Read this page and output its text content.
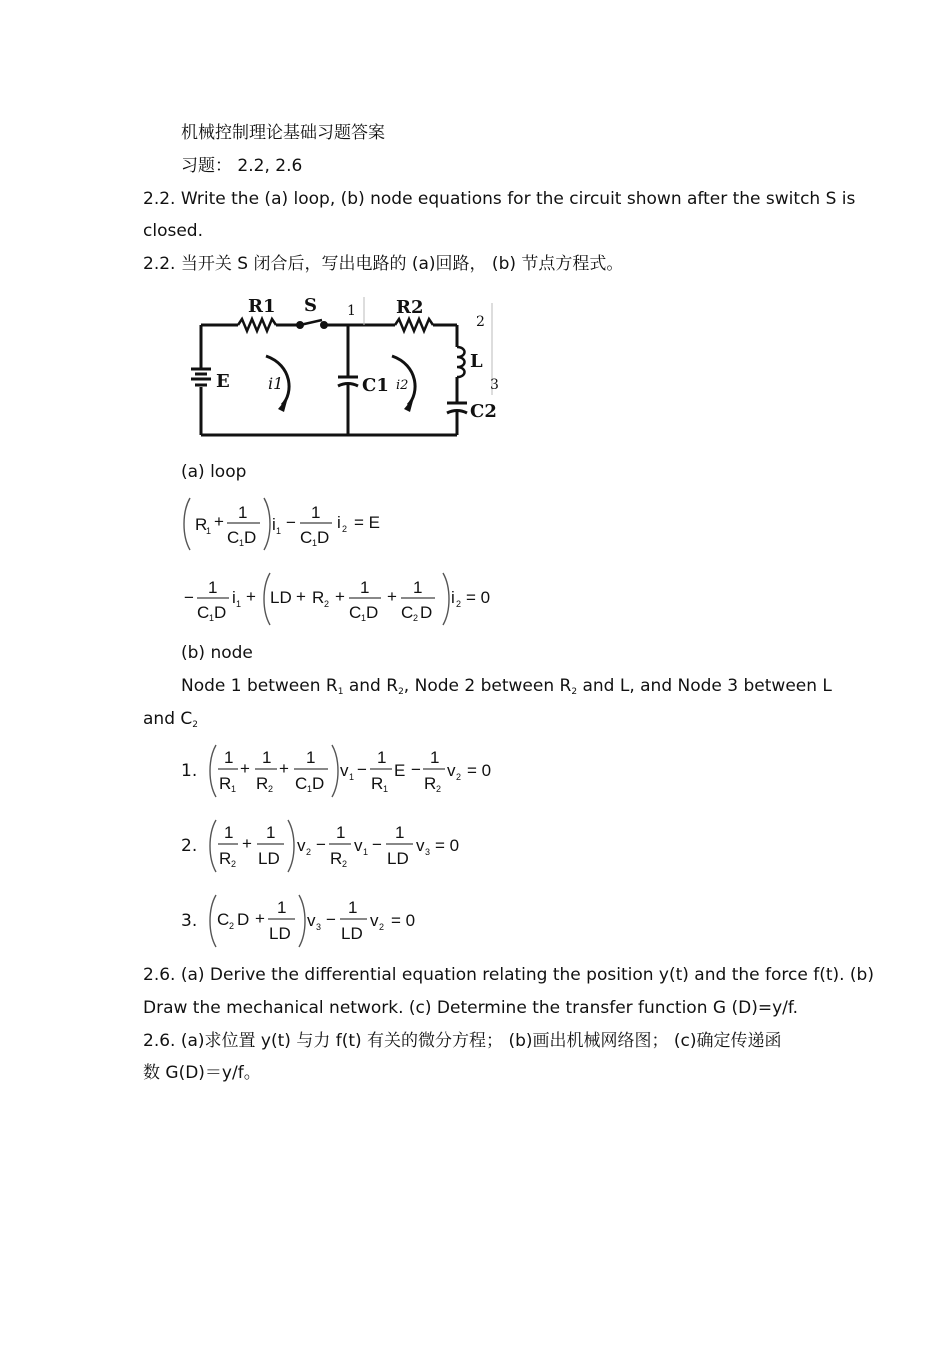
机械控制理论基础习题答案
习题： 2.2, 2.6
2.2. Write the (a) loop, (b) node equations for the circuit shown after the switch S is
closed.
2.2. 当开关 S 闭合后，写出电路的 (a)回路， (b) 节点方程式。
R1 S	R2
E i1	C1 i2
L
C2
1
2
3
(a) loop
R
1 + 1
C 1 D
i 1 −
1
C 1 D
i 2 = E
−
1
C 1 D
i 1 + LD + R 2 + 1
C 1 D
+ 1
C 2 D
i 2 = 0
(b) node
Node 1 between $R_1$ and $R_2$, Node 2 between $R_2$ and L, and Node 3 between L
and $C_2$
1.
1
R 1
+
1
R 2
+
1
C 1 D
v 1 −
1
R 1
E −
1
R 2
v 2 = 0
2.
1
R 2
+
1
LD
v 2 −
1
R 2
v 1 −
1
LD
v 3 = 0
3. C 2 D +
1
LD
v 3 −
1
LD
v 2 = 0
2.6. (a) Derive the differential equation relating the position y(t) and the force f(t). (b)
Draw the mechanical network. (c) Determine the transfer function G (D)=y/f.
2.6. (a)求位置 y(t) 与力 f(t) 有关的微分方程； (b)画出机械网络图； (c)确定传递函
数 G(D)＝y/f。
